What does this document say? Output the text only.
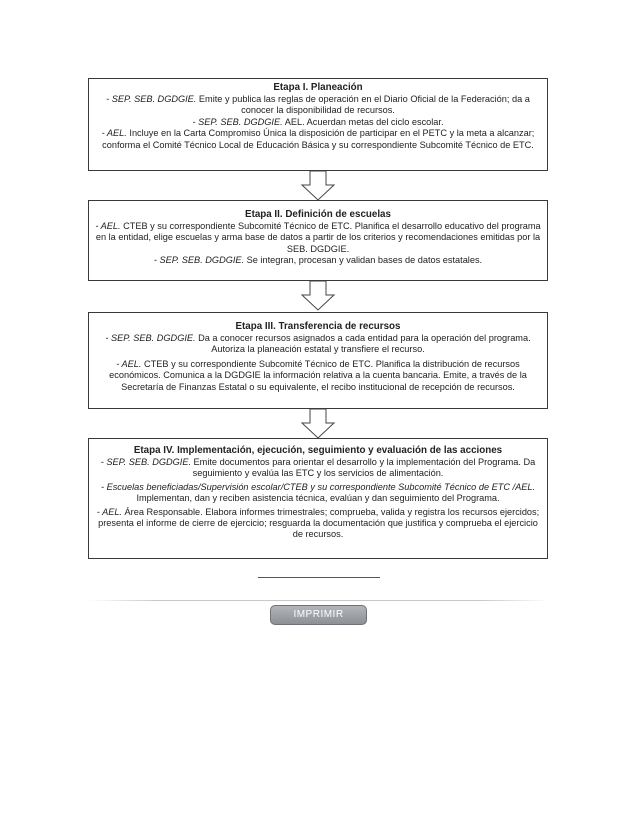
Etapa I. Planeación

- SEP. SEB. DGDGIE. Emite y publica las reglas de operación en el Diario Oficial de la Federación; da a conocer la disponibilidad de recursos.

- SEP. SEB. DGDGIE. AEL. Acuerdan metas del ciclo escolar.

- AEL. Incluye en la Carta Compromiso Única la disposición de participar en el PETC y la meta a alcanzar; conforma el Comité Técnico Local de Educación Básica y su correspondiente Subcomité Técnico de ETC.

Etapa II. Definición de escuelas

- AEL. CTEB y su correspondiente Subcomité Técnico de ETC. Planifica el desarrollo educativo del programa en la entidad, elige escuelas y arma base de datos a partir de los criterios y recomendaciones emitidas por la SEB. DGDGIE.

- SEP. SEB. DGDGIE. Se integran, procesan y validan bases de datos estatales.

Etapa III. Transferencia de recursos

- SEP. SEB. DGDGIE. Da a conocer recursos asignados a cada entidad para la operación del programa. Autoriza la planeación estatal y transfiere el recurso.

- AEL. CTEB y su correspondiente Subcomité Técnico de ETC. Planifica la distribución de recursos económicos. Comunica a la DGDGIE la información relativa a la cuenta bancaria. Emite, a través de la Secretaría de Finanzas Estatal o su equivalente, el recibo institucional de recepción de recursos.

Etapa IV. Implementación, ejecución, seguimiento y evaluación de las acciones

- SEP. SEB. DGDGIE. Emite documentos para orientar el desarrollo y la implementación del Programa. Da seguimiento y evalúa las ETC y los servicios de alimentación.

- Escuelas beneficiadas/Supervisión escolar/CTEB y su correspondiente Subcomité Técnico de ETC /AEL. Implementan, dan y reciben asistencia técnica, evalúan y dan seguimiento del Programa.

- AEL. Área Responsable. Elabora informes trimestrales; comprueba, valida y registra los recursos ejercidos; presenta el informe de cierre de ejercicio; resguarda la documentación que justifica y comprueba el ejercicio de recursos.

IMPRIMIR
